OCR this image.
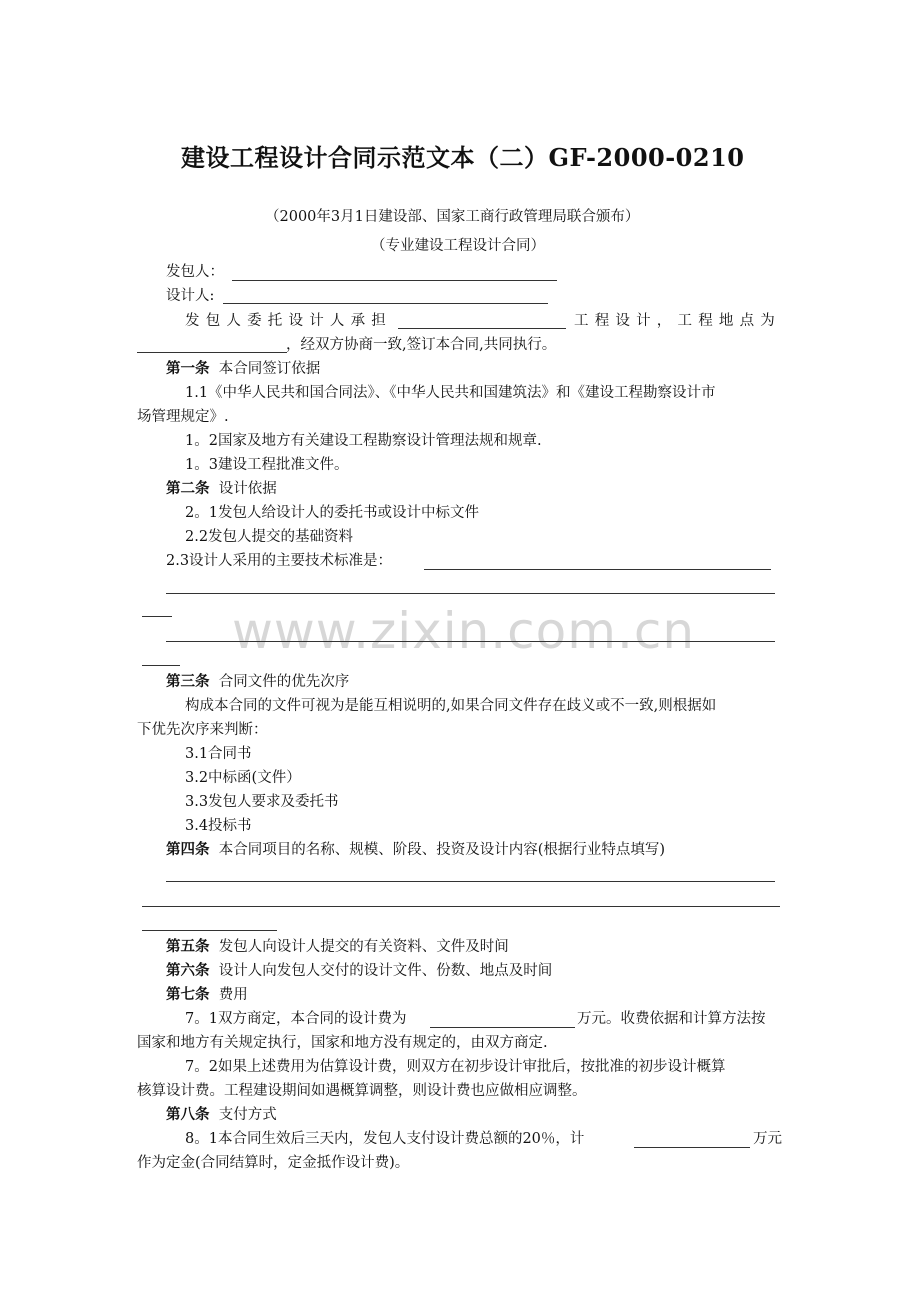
www.zixin.com.cn
建设工程设计合同示范文本（二）GF-2000-0210
（2000年3月1日建设部、国家工商行政管理局联合颁布）
（专业建设工程设计合同）
发包人：
设计人:
发包人委托设计人承担	工程设计，工程地点为
，经双方协商一致,签订本合同,共同执行。
第一条 本合同签订依据
1.1《中华人民共和国合同法》、《中华人民共和国建筑法》和《建设工程勘察设计市
场管理规定》.
1。2国家及地方有关建设工程勘察设计管理法规和规章.
1。3建设工程批准文件。
第二条 设计依据
2。1发包人给设计人的委托书或设计中标文件
2.2发包人提交的基础资料
2.3设计人采用的主要技术标准是：
第三条 合同文件的优先次序
构成本合同的文件可视为是能互相说明的,如果合同文件存在歧义或不一致,则根据如
下优先次序来判断：
3.1合同书
3.2中标函(文件）
3.3发包人要求及委托书
3.4投标书
第四条 本合同项目的名称、规模、阶段、投资及设计内容(根据行业特点填写)
第五条 发包人向设计人提交的有关资料、文件及时间
第六条 设计人向发包人交付的设计文件、份数、地点及时间
第七条 费用
7。1双方商定，本合同的设计费为	万元。收费依据和计算方法按
国家和地方有关规定执行，国家和地方没有规定的，由双方商定.
7。2如果上述费用为估算设计费，则双方在初步设计审批后，按批准的初步设计概算
核算设计费。工程建设期间如遇概算调整，则设计费也应做相应调整。
第八条 支付方式
8。1本合同生效后三天内，发包人支付设计费总额的20％，计	万元
作为定金(合同结算时，定金抵作设计费)。
